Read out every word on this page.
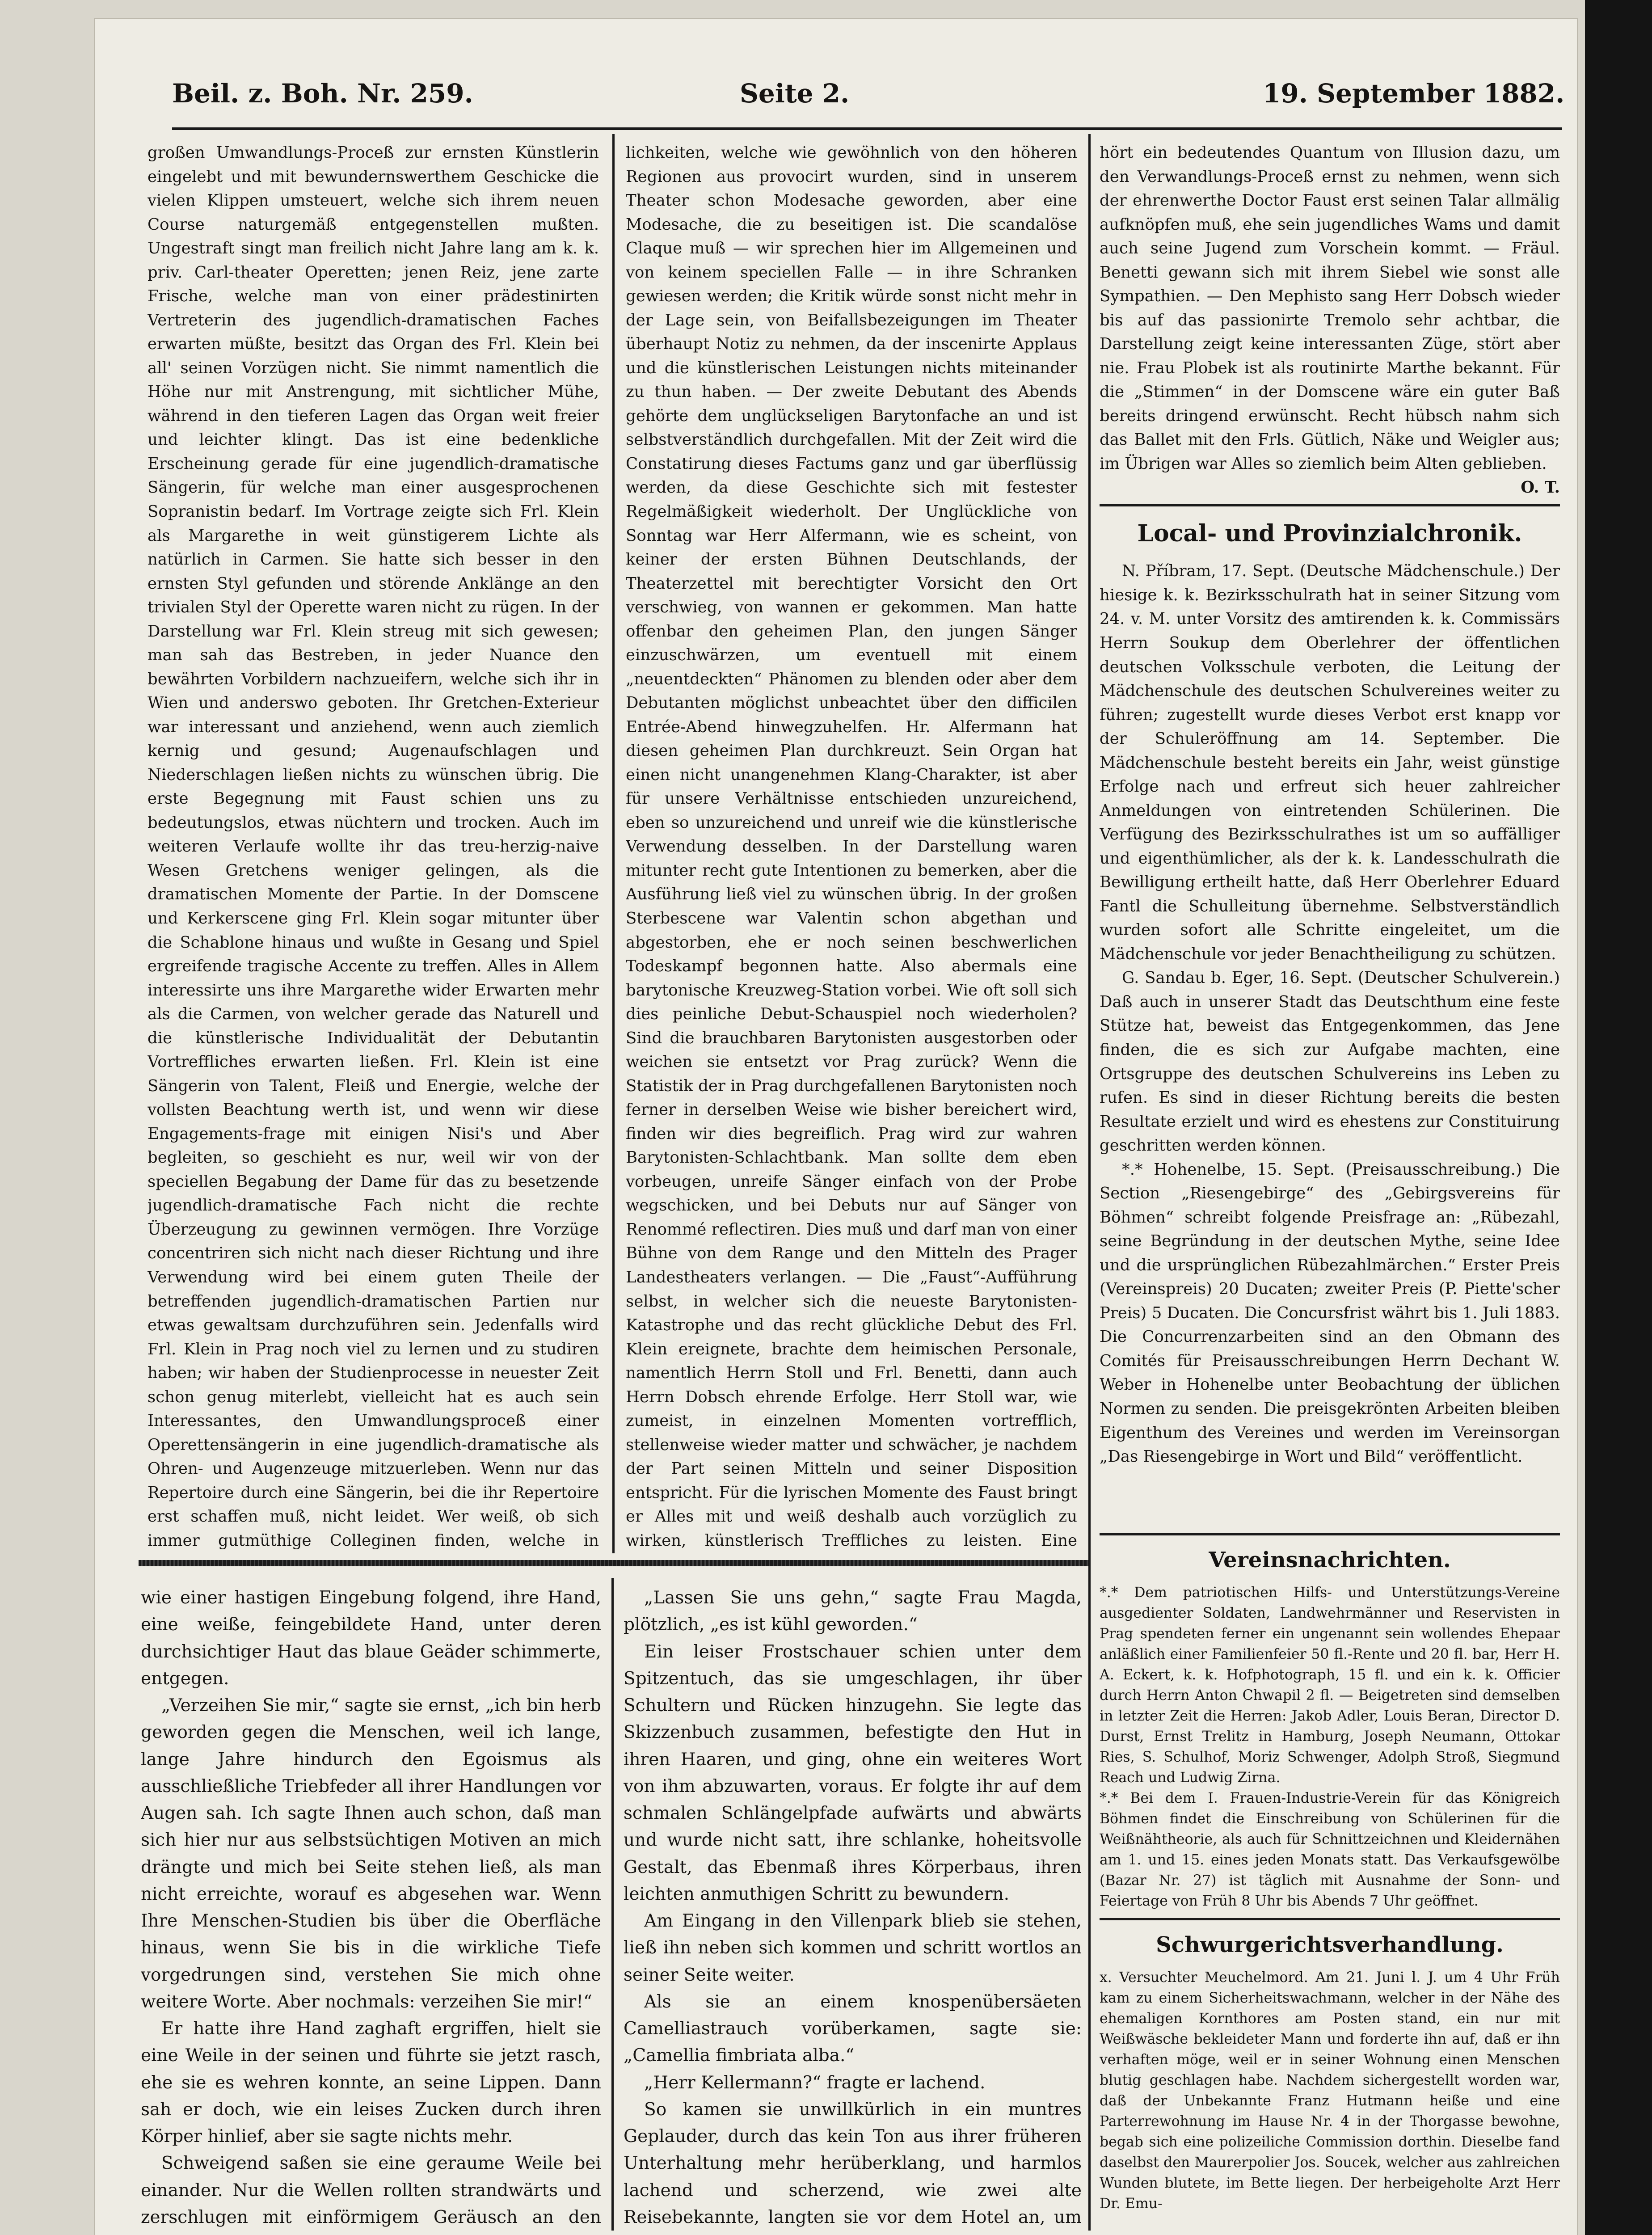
Beil. z. Boh. Nr. 259.	Seite 2.	19. September 1882.

großen Umwandlungs-Proceß zur ernsten Künstlerin eingelebt und mit bewundernswerthem Geschicke die vielen Klippen umsteuert, welche sich ihrem neuen Course naturgemäß entgegenstellen mußten. Ungestraft singt man freilich nicht Jahre lang am k. k. priv. Carl-theater Operetten; jenen Reiz, jene zarte Frische, welche man von einer prädestinirten Vertreterin des jugendlich-dramatischen Faches erwarten müßte, besitzt das Organ des Frl. Klein bei all' seinen Vorzügen nicht. Sie nimmt namentlich die Höhe nur mit Anstrengung, mit sichtlicher Mühe, während in den tieferen Lagen das Organ weit freier und leichter klingt. Das ist eine bedenkliche Erscheinung gerade für eine jugendlich-dramatische Sängerin, für welche man einer ausgesprochenen Sopranistin bedarf. Im Vortrage zeigte sich Frl. Klein als Margarethe in weit günstigerem Lichte als natürlich in Carmen. Sie hatte sich besser in den ernsten Styl gefunden und störende Anklänge an den trivialen Styl der Operette waren nicht zu rügen. In der Darstellung war Frl. Klein streug mit sich gewesen; man sah das Bestreben, in jeder Nuance den bewährten Vorbildern nachzueifern, welche sich ihr in Wien und anderswo geboten. Ihr Gretchen-Exterieur war interessant und anziehend, wenn auch ziemlich kernig und gesund; Augenaufschlagen und Niederschlagen ließen nichts zu wünschen übrig. Die erste Begegnung mit Faust schien uns zu bedeutungslos, etwas nüchtern und trocken. Auch im weiteren Verlaufe wollte ihr das treu-herzig-naive Wesen Gretchens weniger gelingen, als die dramatischen Momente der Partie. In der Domscene und Kerkerscene ging Frl. Klein sogar mitunter über die Schablone hinaus und wußte in Gesang und Spiel ergreifende tragische Accente zu treffen. Alles in Allem interessirte uns ihre Margarethe wider Erwarten mehr als die Carmen, von welcher gerade das Naturell und die künstlerische Individualität der Debutantin Vortreffliches erwarten ließen. Frl. Klein ist eine Sängerin von Talent, Fleiß und Energie, welche der vollsten Beachtung werth ist, und wenn wir diese Engagements-frage mit einigen Nisi's und Aber begleiten, so geschieht es nur, weil wir von der speciellen Begabung der Dame für das zu besetzende jugendlich-dramatische Fach nicht die rechte Überzeugung zu gewinnen vermögen. Ihre Vorzüge concentriren sich nicht nach dieser Richtung und ihre Verwendung wird bei einem guten Theile der betreffenden jugendlich-dramatischen Partien nur etwas gewaltsam durchzuführen sein. Jedenfalls wird Frl. Klein in Prag noch viel zu lernen und zu studiren haben; wir haben der Studienprocesse in neuester Zeit schon genug miterlebt, vielleicht hat es auch sein Interessantes, den Umwandlungsproceß einer Operettensängerin in eine jugendlich-dramatische als Ohren- und Augenzeuge mitzuerleben. Wenn nur das Repertoire durch eine Sängerin, bei die ihr Repertoire erst schaffen muß, nicht leidet. Wer weiß, ob sich immer gutmüthige Colleginen finden, welche in

lichkeiten, welche wie gewöhnlich von den höheren Regionen aus provocirt wurden, sind in unserem Theater schon Modesache geworden, aber eine Modesache, die zu beseitigen ist. Die scandalöse Claque muß — wir sprechen hier im Allgemeinen und von keinem speciellen Falle — in ihre Schranken gewiesen werden; die Kritik würde sonst nicht mehr in der Lage sein, von Beifallsbezeigungen im Theater überhaupt Notiz zu nehmen, da der inscenirte Applaus und die künstlerischen Leistungen nichts miteinander zu thun haben. — Der zweite Debutant des Abends gehörte dem unglückseligen Barytonfache an und ist selbstverständlich durchgefallen. Mit der Zeit wird die Constatirung dieses Factums ganz und gar überflüssig werden, da diese Geschichte sich mit festester Regelmäßigkeit wiederholt. Der Unglückliche von Sonntag war Herr Alfermann, wie es scheint, von keiner der ersten Bühnen Deutschlands, der Theaterzettel mit berechtigter Vorsicht den Ort verschwieg, von wannen er gekommen. Man hatte offenbar den geheimen Plan, den jungen Sänger einzuschwärzen, um eventuell mit einem „neuentdeckten“ Phänomen zu blenden oder aber dem Debutanten möglichst unbeachtet über den difficilen Entrée-Abend hinwegzuhelfen. Hr. Alfermann hat diesen geheimen Plan durchkreuzt. Sein Organ hat einen nicht unangenehmen Klang-Charakter, ist aber für unsere Verhältnisse entschieden unzureichend, eben so unzureichend und unreif wie die künstlerische Verwendung desselben. In der Darstellung waren mitunter recht gute Intentionen zu bemerken, aber die Ausführung ließ viel zu wünschen übrig. In der großen Sterbescene war Valentin schon abgethan und abgestorben, ehe er noch seinen beschwerlichen Todeskampf begonnen hatte. Also abermals eine barytonische Kreuzweg-Station vorbei. Wie oft soll sich dies peinliche Debut-Schauspiel noch wiederholen? Sind die brauchbaren Barytonisten ausgestorben oder weichen sie entsetzt vor Prag zurück? Wenn die Statistik der in Prag durchgefallenen Barytonisten noch ferner in derselben Weise wie bisher bereichert wird, finden wir dies begreiflich. Prag wird zur wahren Barytonisten-Schlachtbank. Man sollte dem eben vorbeugen, unreife Sänger einfach von der Probe wegschicken, und bei Debuts nur auf Sänger von Renommé reflectiren. Dies muß und darf man von einer Bühne von dem Range und den Mitteln des Prager Landestheaters verlangen. — Die „Faust“-Aufführung selbst, in welcher sich die neueste Barytonisten-Katastrophe und das recht glückliche Debut des Frl. Klein ereignete, brachte dem heimischen Personale, namentlich Herrn Stoll und Frl. Benetti, dann auch Herrn Dobsch ehrende Erfolge. Herr Stoll war, wie zumeist, in einzelnen Momenten vortrefflich, stellenweise wieder matter und schwächer, je nachdem der Part seinen Mitteln und seiner Disposition entspricht. Für die lyrischen Momente des Faust bringt er Alles mit und weiß deshalb auch vorzüglich zu wirken, künstlerisch Treffliches zu leisten. Eine

hört ein bedeutendes Quantum von Illusion dazu, um den Verwandlungs-Proceß ernst zu nehmen, wenn sich der ehrenwerthe Doctor Faust erst seinen Talar allmälig aufknöpfen muß, ehe sein jugendliches Wams und damit auch seine Jugend zum Vorschein kommt. — Fräul. Benetti gewann sich mit ihrem Siebel wie sonst alle Sympathien. — Den Mephisto sang Herr Dobsch wieder bis auf das passionirte Tremolo sehr achtbar, die Darstellung zeigt keine interessanten Züge, stört aber nie. Frau Plobek ist als routinirte Marthe bekannt. Für die „Stimmen“ in der Domscene wäre ein guter Baß bereits dringend erwünscht. Recht hübsch nahm sich das Ballet mit den Frls. Gütlich, Näke und Weigler aus; im Übrigen war Alles so ziemlich beim Alten geblieben.

O. T.

Local- und Provinzialchronik.

N. Příbram, 17. Sept. (Deutsche Mädchenschule.) Der hiesige k. k. Bezirksschulrath hat in seiner Sitzung vom 24. v. M. unter Vorsitz des amtirenden k. k. Commissärs Herrn Soukup dem Oberlehrer der öffentlichen deutschen Volksschule verboten, die Leitung der Mädchenschule des deutschen Schulvereines weiter zu führen; zugestellt wurde dieses Verbot erst knapp vor der Schuleröffnung am 14. September. Die Mädchenschule besteht bereits ein Jahr, weist günstige Erfolge nach und erfreut sich heuer zahlreicher Anmeldungen von eintretenden Schülerinen. Die Verfügung des Bezirksschulrathes ist um so auffälliger und eigenthümlicher, als der k. k. Landesschulrath die Bewilligung ertheilt hatte, daß Herr Oberlehrer Eduard Fantl die Schulleitung übernehme. Selbstverständlich wurden sofort alle Schritte eingeleitet, um die Mädchenschule vor jeder Benachtheiligung zu schützen.

G. Sandau b. Eger, 16. Sept. (Deutscher Schulverein.) Daß auch in unserer Stadt das Deutschthum eine feste Stütze hat, beweist das Entgegenkommen, das Jene finden, die es sich zur Aufgabe machten, eine Ortsgruppe des deutschen Schulvereins ins Leben zu rufen. Es sind in dieser Richtung bereits die besten Resultate erzielt und wird es ehestens zur Constituirung geschritten werden können.

*.* Hohenelbe, 15. Sept. (Preisausschreibung.) Die Section „Riesengebirge“ des „Gebirgsvereins für Böhmen“ schreibt folgende Preisfrage an: „Rübezahl, seine Begründung in der deutschen Mythe, seine Idee und die ursprünglichen Rübezahlmärchen.“ Erster Preis (Vereinspreis) 20 Ducaten; zweiter Preis (P. Piette'scher Preis) 5 Ducaten. Die Concursfrist währt bis 1. Juli 1883. Die Concurrenzarbeiten sind an den Obmann des Comités für Preisausschreibungen Herrn Dechant W. Weber in Hohenelbe unter Beobachtung der üblichen Normen zu senden. Die preisgekrönten Arbeiten bleiben Eigenthum des Vereines und werden im Vereinsorgan „Das Riesengebirge in Wort und Bild“ veröffentlicht.

Vereinsnachrichten.

*.* Dem patriotischen Hilfs- und Unterstützungs-Vereine ausgedienter Soldaten, Landwehrmänner und Reservisten in Prag spendeten ferner ein ungenannt sein wollendes Ehepaar anläßlich einer Familienfeier 50 fl.-Rente und 20 fl. bar, Herr H. A. Eckert, k. k. Hofphotograph, 15 fl. und ein k. k. Officier durch Herrn Anton Chwapil 2 fl. — Beigetreten sind demselben in letzter Zeit die Herren: Jakob Adler, Louis Beran, Director D. Durst, Ernst Trelitz in Hamburg, Joseph Neumann, Ottokar Ries, S. Schulhof, Moriz Schwenger, Adolph Stroß, Siegmund Reach und Ludwig Zirna.

*.* Bei dem I. Frauen-Industrie-Verein für das Königreich Böhmen findet die Einschreibung von Schülerinen für die Weißnähtheorie, als auch für Schnittzeichnen und Kleidernähen am 1. und 15. eines jeden Monats statt. Das Verkaufsgewölbe (Bazar Nr. 27) ist täglich mit Ausnahme der Sonn- und Feiertage von Früh 8 Uhr bis Abends 7 Uhr geöffnet.

Schwurgerichtsverhandlung.

x. Versuchter Meuchelmord. Am 21. Juni l. J. um 4 Uhr Früh kam zu einem Sicherheitswachmann, welcher in der Nähe des ehemaligen Kornthores am Posten stand, ein nur mit Weißwäsche bekleideter Mann und forderte ihn auf, daß er ihn verhaften möge, weil er in seiner Wohnung einen Menschen blutig geschlagen habe. Nachdem sichergestellt worden war, daß der Unbekannte Franz Hutmann heiße und eine Parterrewohnung im Hause Nr. 4 in der Thorgasse bewohne, begab sich eine polizeiliche Commission dorthin. Dieselbe fand daselbst den Maurerpolier Jos. Soucek, welcher aus zahlreichen Wunden blutete, im Bette liegen. Der herbeigeholte Arzt Herr Dr. Emu-

wie einer hastigen Eingebung folgend, ihre Hand, eine weiße, feingebildete Hand, unter deren durchsichtiger Haut das blaue Geäder schimmerte, entgegen.

„Verzeihen Sie mir,“ sagte sie ernst, „ich bin herb geworden gegen die Menschen, weil ich lange, lange Jahre hindurch den Egoismus als ausschließliche Triebfeder all ihrer Handlungen vor Augen sah. Ich sagte Ihnen auch schon, daß man sich hier nur aus selbstsüchtigen Motiven an mich drängte und mich bei Seite stehen ließ, als man nicht erreichte, worauf es abgesehen war. Wenn Ihre Menschen-Studien bis über die Oberfläche hinaus, wenn Sie bis in die wirkliche Tiefe vorgedrungen sind, verstehen Sie mich ohne weitere Worte. Aber nochmals: verzeihen Sie mir!“

Er hatte ihre Hand zaghaft ergriffen, hielt sie eine Weile in der seinen und führte sie jetzt rasch, ehe sie es wehren konnte, an seine Lippen. Dann sah er doch, wie ein leises Zucken durch ihren Körper hinlief, aber sie sagte nichts mehr.

Schweigend saßen sie eine geraume Weile bei einander. Nur die Wellen rollten strandwärts und zerschlugen mit einförmigem Geräusch an den

„Lassen Sie uns gehn,“ sagte Frau Magda, plötzlich, „es ist kühl geworden.“

Ein leiser Frostschauer schien unter dem Spitzentuch, das sie umgeschlagen, ihr über Schultern und Rücken hinzugehn. Sie legte das Skizzenbuch zusammen, befestigte den Hut in ihren Haaren, und ging, ohne ein weiteres Wort von ihm abzuwarten, voraus. Er folgte ihr auf dem schmalen Schlängelpfade aufwärts und abwärts und wurde nicht satt, ihre schlanke, hoheitsvolle Gestalt, das Ebenmaß ihres Körperbaus, ihren leichten anmuthigen Schritt zu bewundern.

Am Eingang in den Villenpark blieb sie stehen, ließ ihn neben sich kommen und schritt wortlos an seiner Seite weiter.

Als sie an einem knospenübersäeten Camelliastrauch vorüberkamen, sagte sie: „Camellia fimbriata alba.“

„Herr Kellermann?“ fragte er lachend.

So kamen sie unwillkürlich in ein muntres Geplauder, durch das kein Ton aus ihrer früheren Unterhaltung mehr herüberklang, und harmlos lachend und scherzend, wie zwei alte Reisebekannte, langten sie vor dem Hotel an, um
